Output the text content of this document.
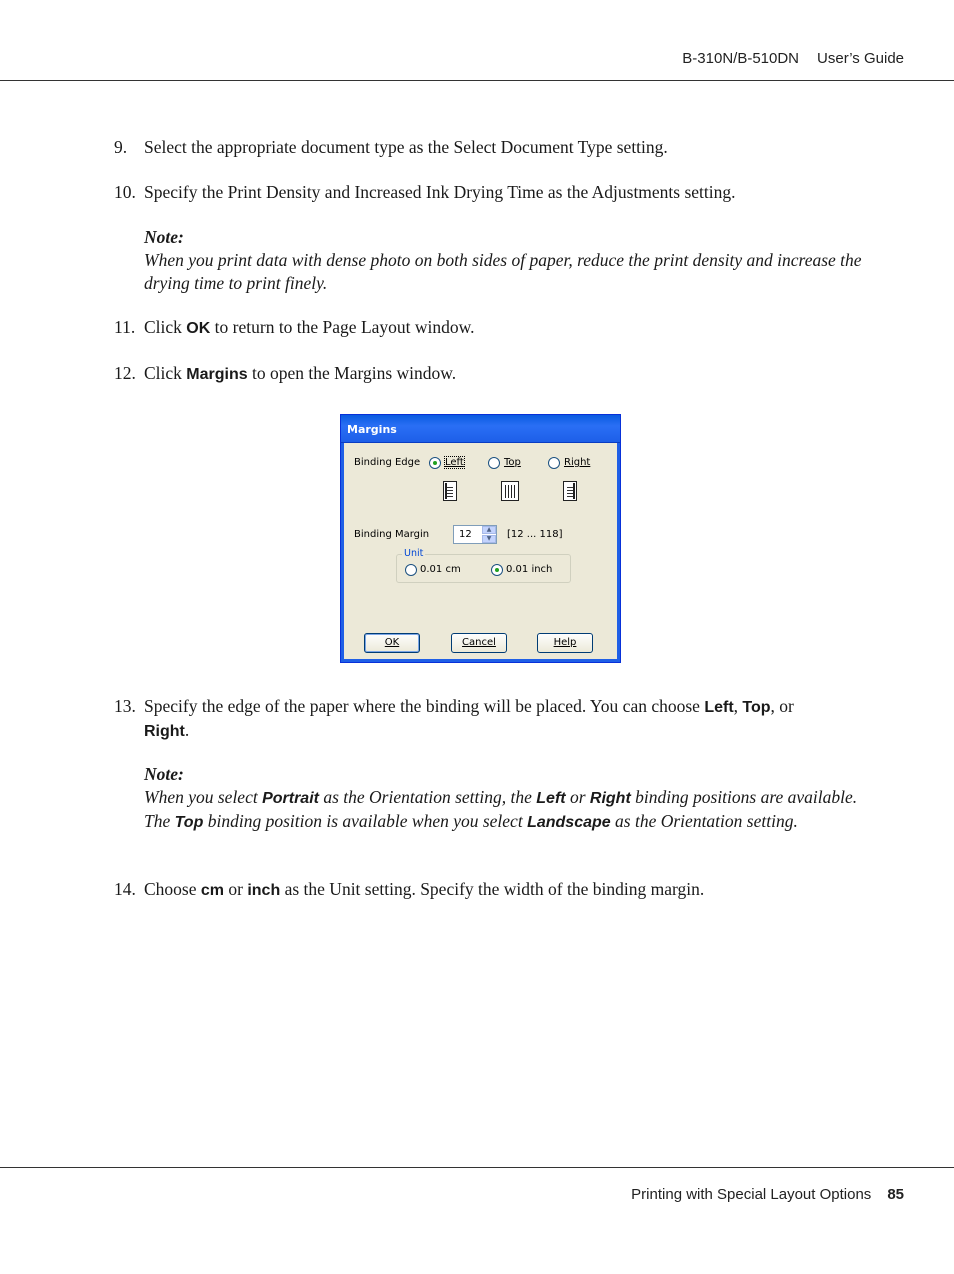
B-310N/B-510DN User’s Guide
9. Select the appropriate document type as the Select Document Type setting.
10. Specify the Print Density and Increased Ink Drying Time as the Adjustments setting.
Note:
When you print data with dense photo on both sides of paper, reduce the print density and increase the drying time to print finely.
11. Click OK to return to the Page Layout window.
12. Click Margins to open the Margins window.
Margins
Binding Edge Left	Top	Right
Binding Margin	12	▲
▼	[12 ... 118]
Unit
0.01 cm	0.01 inch
OK	Cancel	Help
13. Specify the edge of the paper where the binding will be placed. You can choose Left, Top, or
Right.
Note:
When you select Portrait as the Orientation setting, the Left or Right binding positions are available. The Top binding position is available when you select Landscape as the Orientation setting.
14. Choose cm or inch as the Unit setting. Specify the width of the binding margin.
Printing with Special Layout Options 85
